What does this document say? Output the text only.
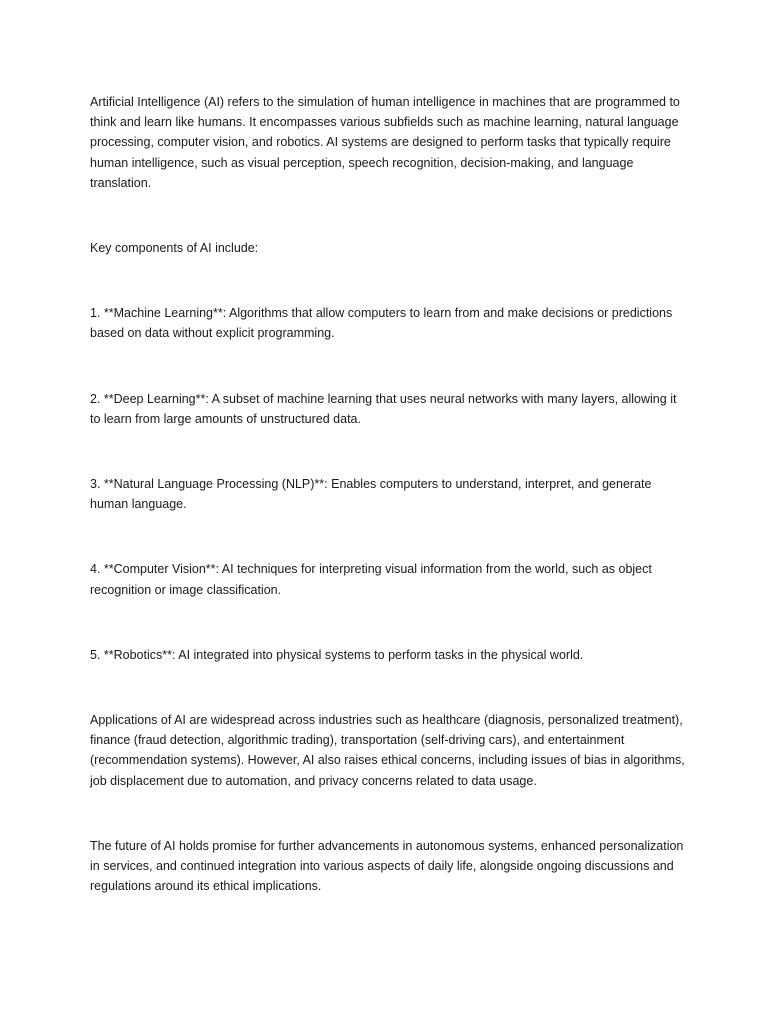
Artificial Intelligence (AI) refers to the simulation of human intelligence in machines that are programmed to think and learn like humans. It encompasses various subfields such as machine learning, natural language processing, computer vision, and robotics. AI systems are designed to perform tasks that typically require human intelligence, such as visual perception, speech recognition, decision-making, and language translation.

Key components of AI include:

1. **Machine Learning**: Algorithms that allow computers to learn from and make decisions or predictions based on data without explicit programming.

2. **Deep Learning**: A subset of machine learning that uses neural networks with many layers, allowing it to learn from large amounts of unstructured data.

3. **Natural Language Processing (NLP)**: Enables computers to understand, interpret, and generate human language.

4. **Computer Vision**: AI techniques for interpreting visual information from the world, such as object recognition or image classification.

5. **Robotics**: AI integrated into physical systems to perform tasks in the physical world.

Applications of AI are widespread across industries such as healthcare (diagnosis, personalized treatment), finance (fraud detection, algorithmic trading), transportation (self-driving cars), and entertainment (recommendation systems). However, AI also raises ethical concerns, including issues of bias in algorithms, job displacement due to automation, and privacy concerns related to data usage.

The future of AI holds promise for further advancements in autonomous systems, enhanced personalization in services, and continued integration into various aspects of daily life, alongside ongoing discussions and regulations around its ethical implications.
